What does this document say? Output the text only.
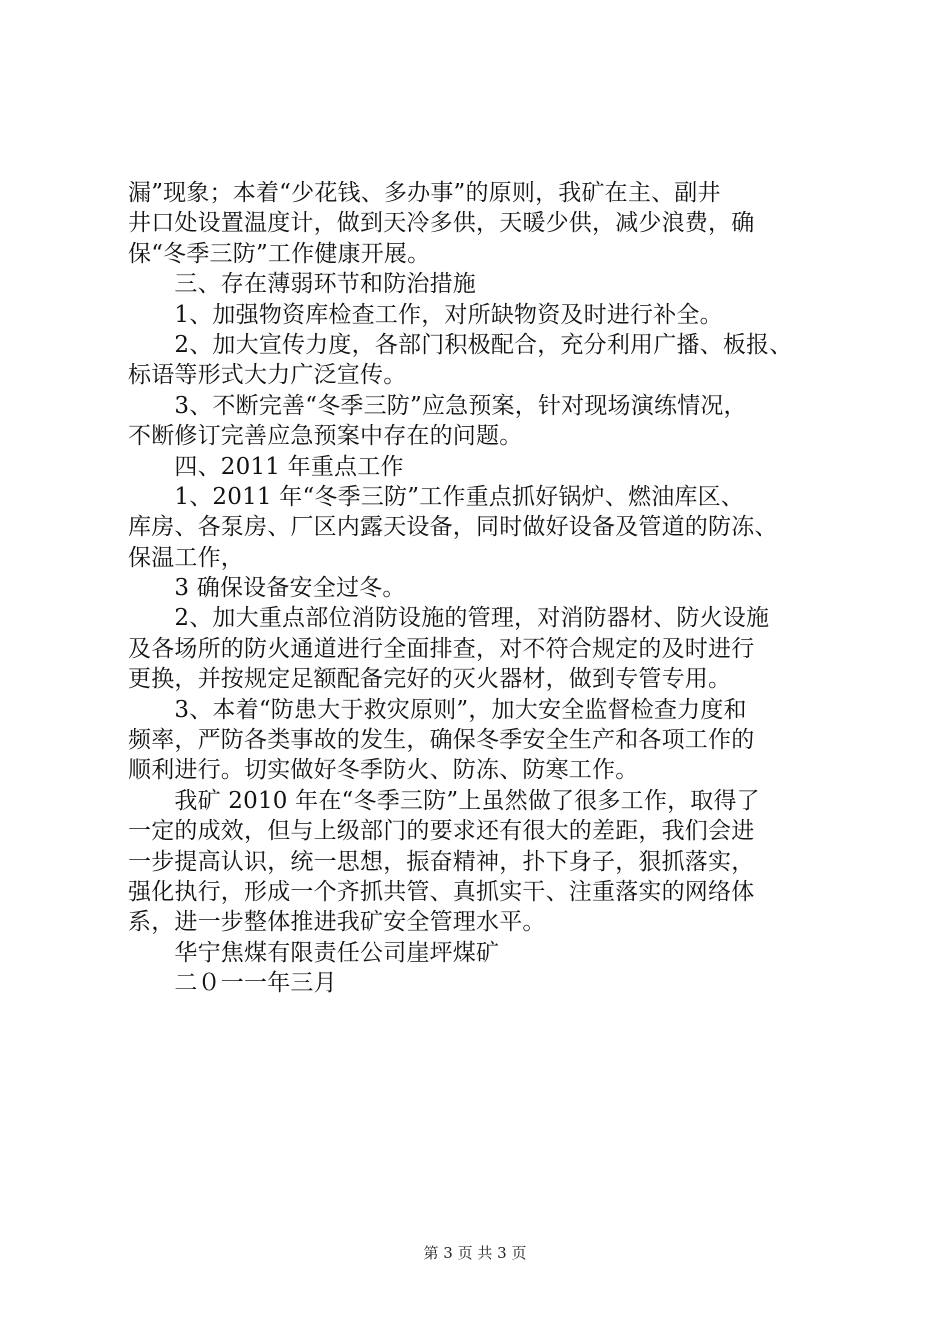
漏”现象；本着“少花钱、多办事”的原则，我矿在主、副井
井口处设置温度计，做到天冷多供，天暖少供，减少浪费，确
保“冬季三防”工作健康开展。
　　三、存在薄弱环节和防治措施
　　1、加强物资库检查工作，对所缺物资及时进行补全。
　　2、加大宣传力度，各部门积极配合，充分利用广播、板报、
标语等形式大力广泛宣传。
　　3、不断完善“冬季三防”应急预案，针对现场演练情况，
不断修订完善应急预案中存在的问题。
　　四、2011 年重点工作
　　1、2011 年“冬季三防”工作重点抓好锅炉、燃油库区、
库房、各泵房、厂区内露天设备，同时做好设备及管道的防冻、
保温工作，
　　3 确保设备安全过冬。
　　2、加大重点部位消防设施的管理，对消防器材、防火设施
及各场所的防火通道进行全面排查，对不符合规定的及时进行
更换，并按规定足额配备完好的灭火器材，做到专管专用。
　　3、本着“防患大于救灾原则”，加大安全监督检查力度和
频率，严防各类事故的发生，确保冬季安全生产和各项工作的
顺利进行。切实做好冬季防火、防冻、防寒工作。
　　我矿 2010 年在“冬季三防”上虽然做了很多工作，取得了
一定的成效，但与上级部门的要求还有很大的差距，我们会进
一步提高认识，统一思想，振奋精神，扑下身子，狠抓落实，
强化执行，形成一个齐抓共管、真抓实干、注重落实的网络体
系，进一步整体推进我矿安全管理水平。
　　华宁焦煤有限责任公司崖坪煤矿
　　二０一一年三月
第 3 页 共 3 页
